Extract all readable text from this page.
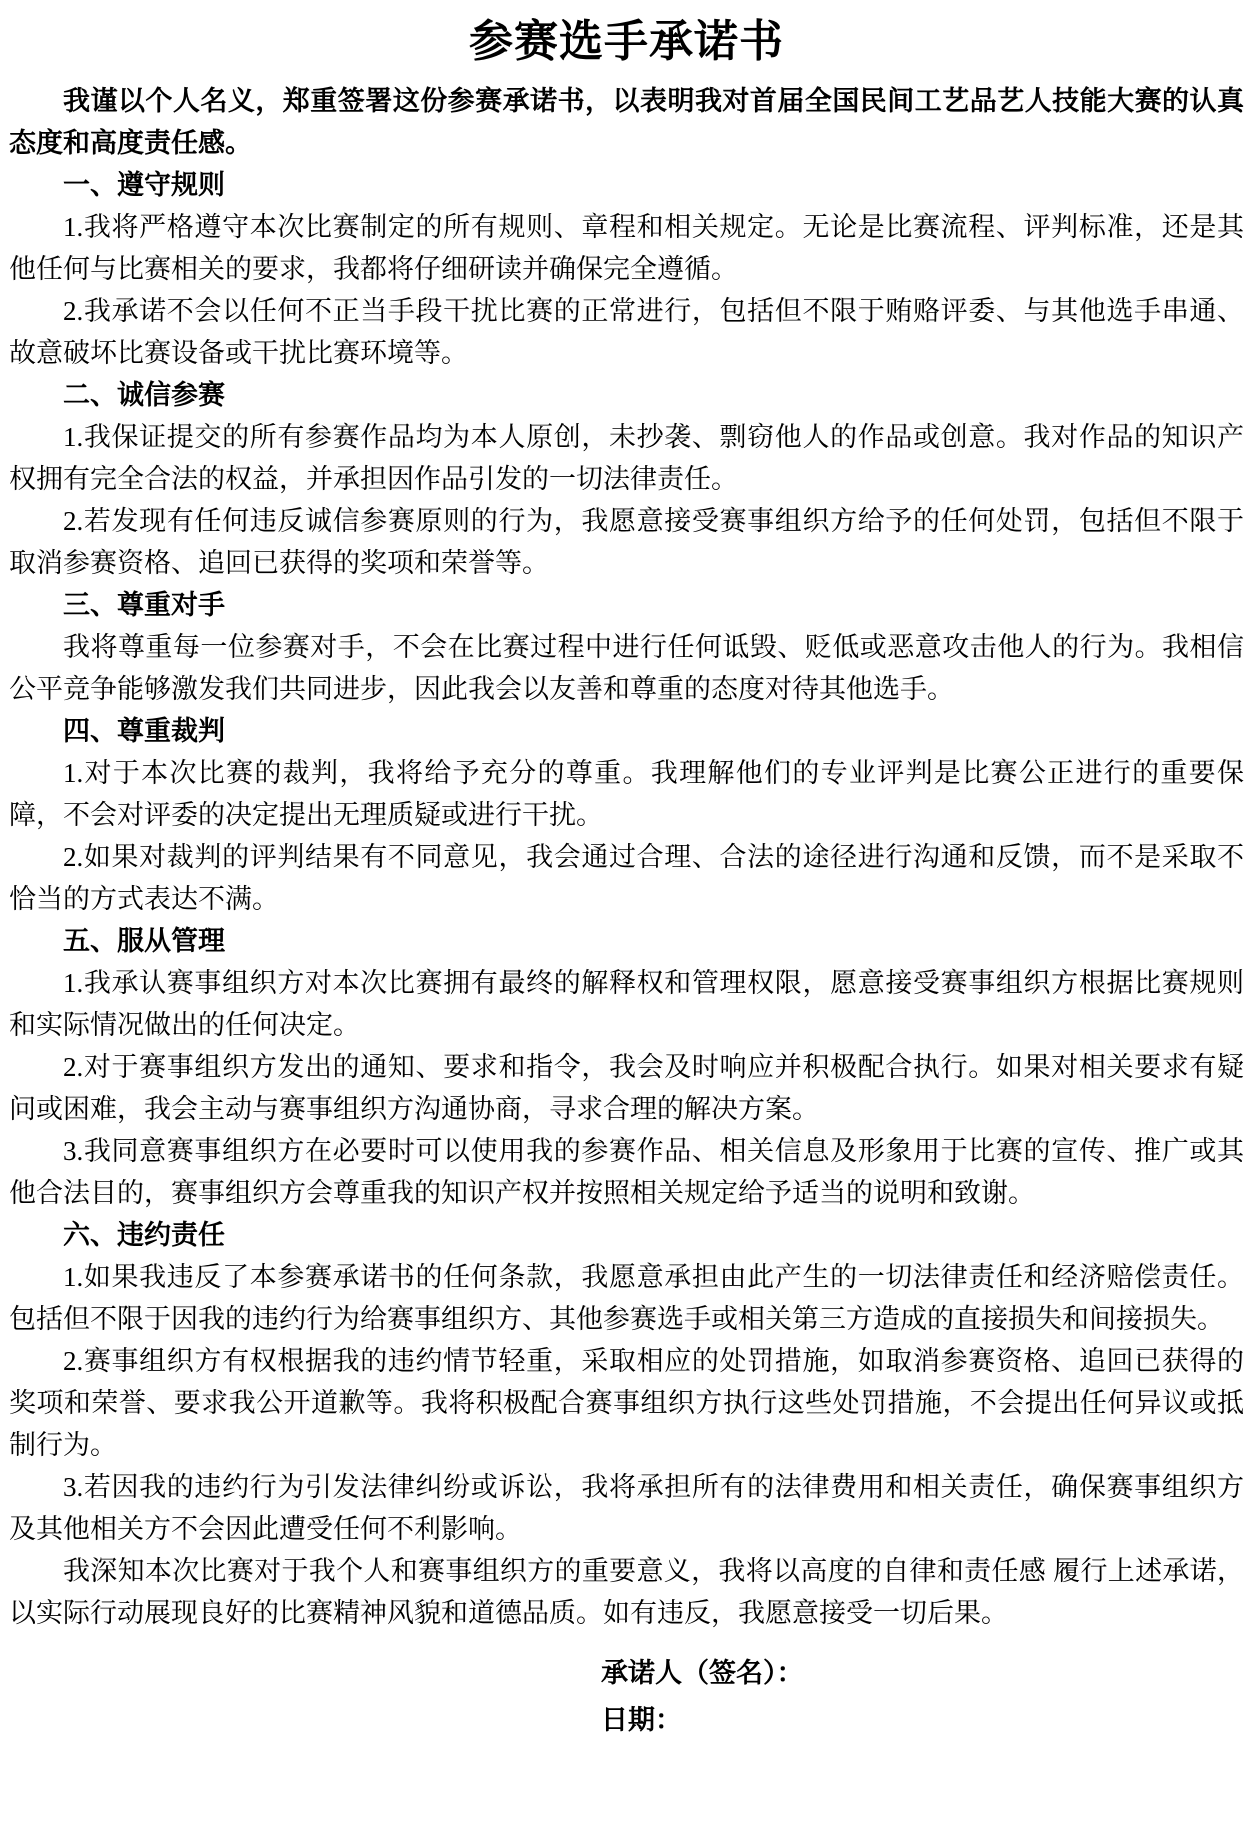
参赛选手承诺书

我谨以个人名义，郑重签署这份参赛承诺书，以表明我对首届全国民间工艺品艺人技能大赛的认真态度和高度责任感。

一、遵守规则

1.我将严格遵守本次比赛制定的所有规则、章程和相关规定。无论是比赛流程、评判标准，还是其他任何与比赛相关的要求，我都将仔细研读并确保完全遵循。

2.我承诺不会以任何不正当手段干扰比赛的正常进行，包括但不限于贿赂评委、与其他选手串通、故意破坏比赛设备或干扰比赛环境等。

二、诚信参赛

1.我保证提交的所有参赛作品均为本人原创，未抄袭、剽窃他人的作品或创意。我对作品的知识产权拥有完全合法的权益，并承担因作品引发的一切法律责任。

2.若发现有任何违反诚信参赛原则的行为，我愿意接受赛事组织方给予的任何处罚，包括但不限于取消参赛资格、追回已获得的奖项和荣誉等。

三、尊重对手

我将尊重每一位参赛对手，不会在比赛过程中进行任何诋毁、贬低或恶意攻击他人的行为。我相信公平竞争能够激发我们共同进步，因此我会以友善和尊重的态度对待其他选手。

四、尊重裁判

1.对于本次比赛的裁判，我将给予充分的尊重。我理解他们的专业评判是比赛公正进行的重要保障，不会对评委的决定提出无理质疑或进行干扰。

2.如果对裁判的评判结果有不同意见，我会通过合理、合法的途径进行沟通和反馈，而不是采取不恰当的方式表达不满。

五、服从管理

1.我承认赛事组织方对本次比赛拥有最终的解释权和管理权限，愿意接受赛事组织方根据比赛规则和实际情况做出的任何决定。

2.对于赛事组织方发出的通知、要求和指令，我会及时响应并积极配合执行。如果对相关要求有疑问或困难，我会主动与赛事组织方沟通协商，寻求合理的解决方案。

3.我同意赛事组织方在必要时可以使用我的参赛作品、相关信息及形象用于比赛的宣传、推广或其他合法目的，赛事组织方会尊重我的知识产权并按照相关规定给予适当的说明和致谢。

六、违约责任

1.如果我违反了本参赛承诺书的任何条款，我愿意承担由此产生的一切法律责任和经济赔偿责任。包括但不限于因我的违约行为给赛事组织方、其他参赛选手或相关第三方造成的直接损失和间接损失。

2.赛事组织方有权根据我的违约情节轻重，采取相应的处罚措施，如取消参赛资格、追回已获得的奖项和荣誉、要求我公开道歉等。我将积极配合赛事组织方执行这些处罚措施，不会提出任何异议或抵制行为。

3.若因我的违约行为引发法律纠纷或诉讼，我将承担所有的法律费用和相关责任，确保赛事组织方及其他相关方不会因此遭受任何不利影响。

我深知本次比赛对于我个人和赛事组织方的重要意义，我将以高度的自律和责任感 履行上述承诺，以实际行动展现良好的比赛精神风貌和道德品质。如有违反，我愿意接受一切后果。

承诺人（签名）：

日期：
